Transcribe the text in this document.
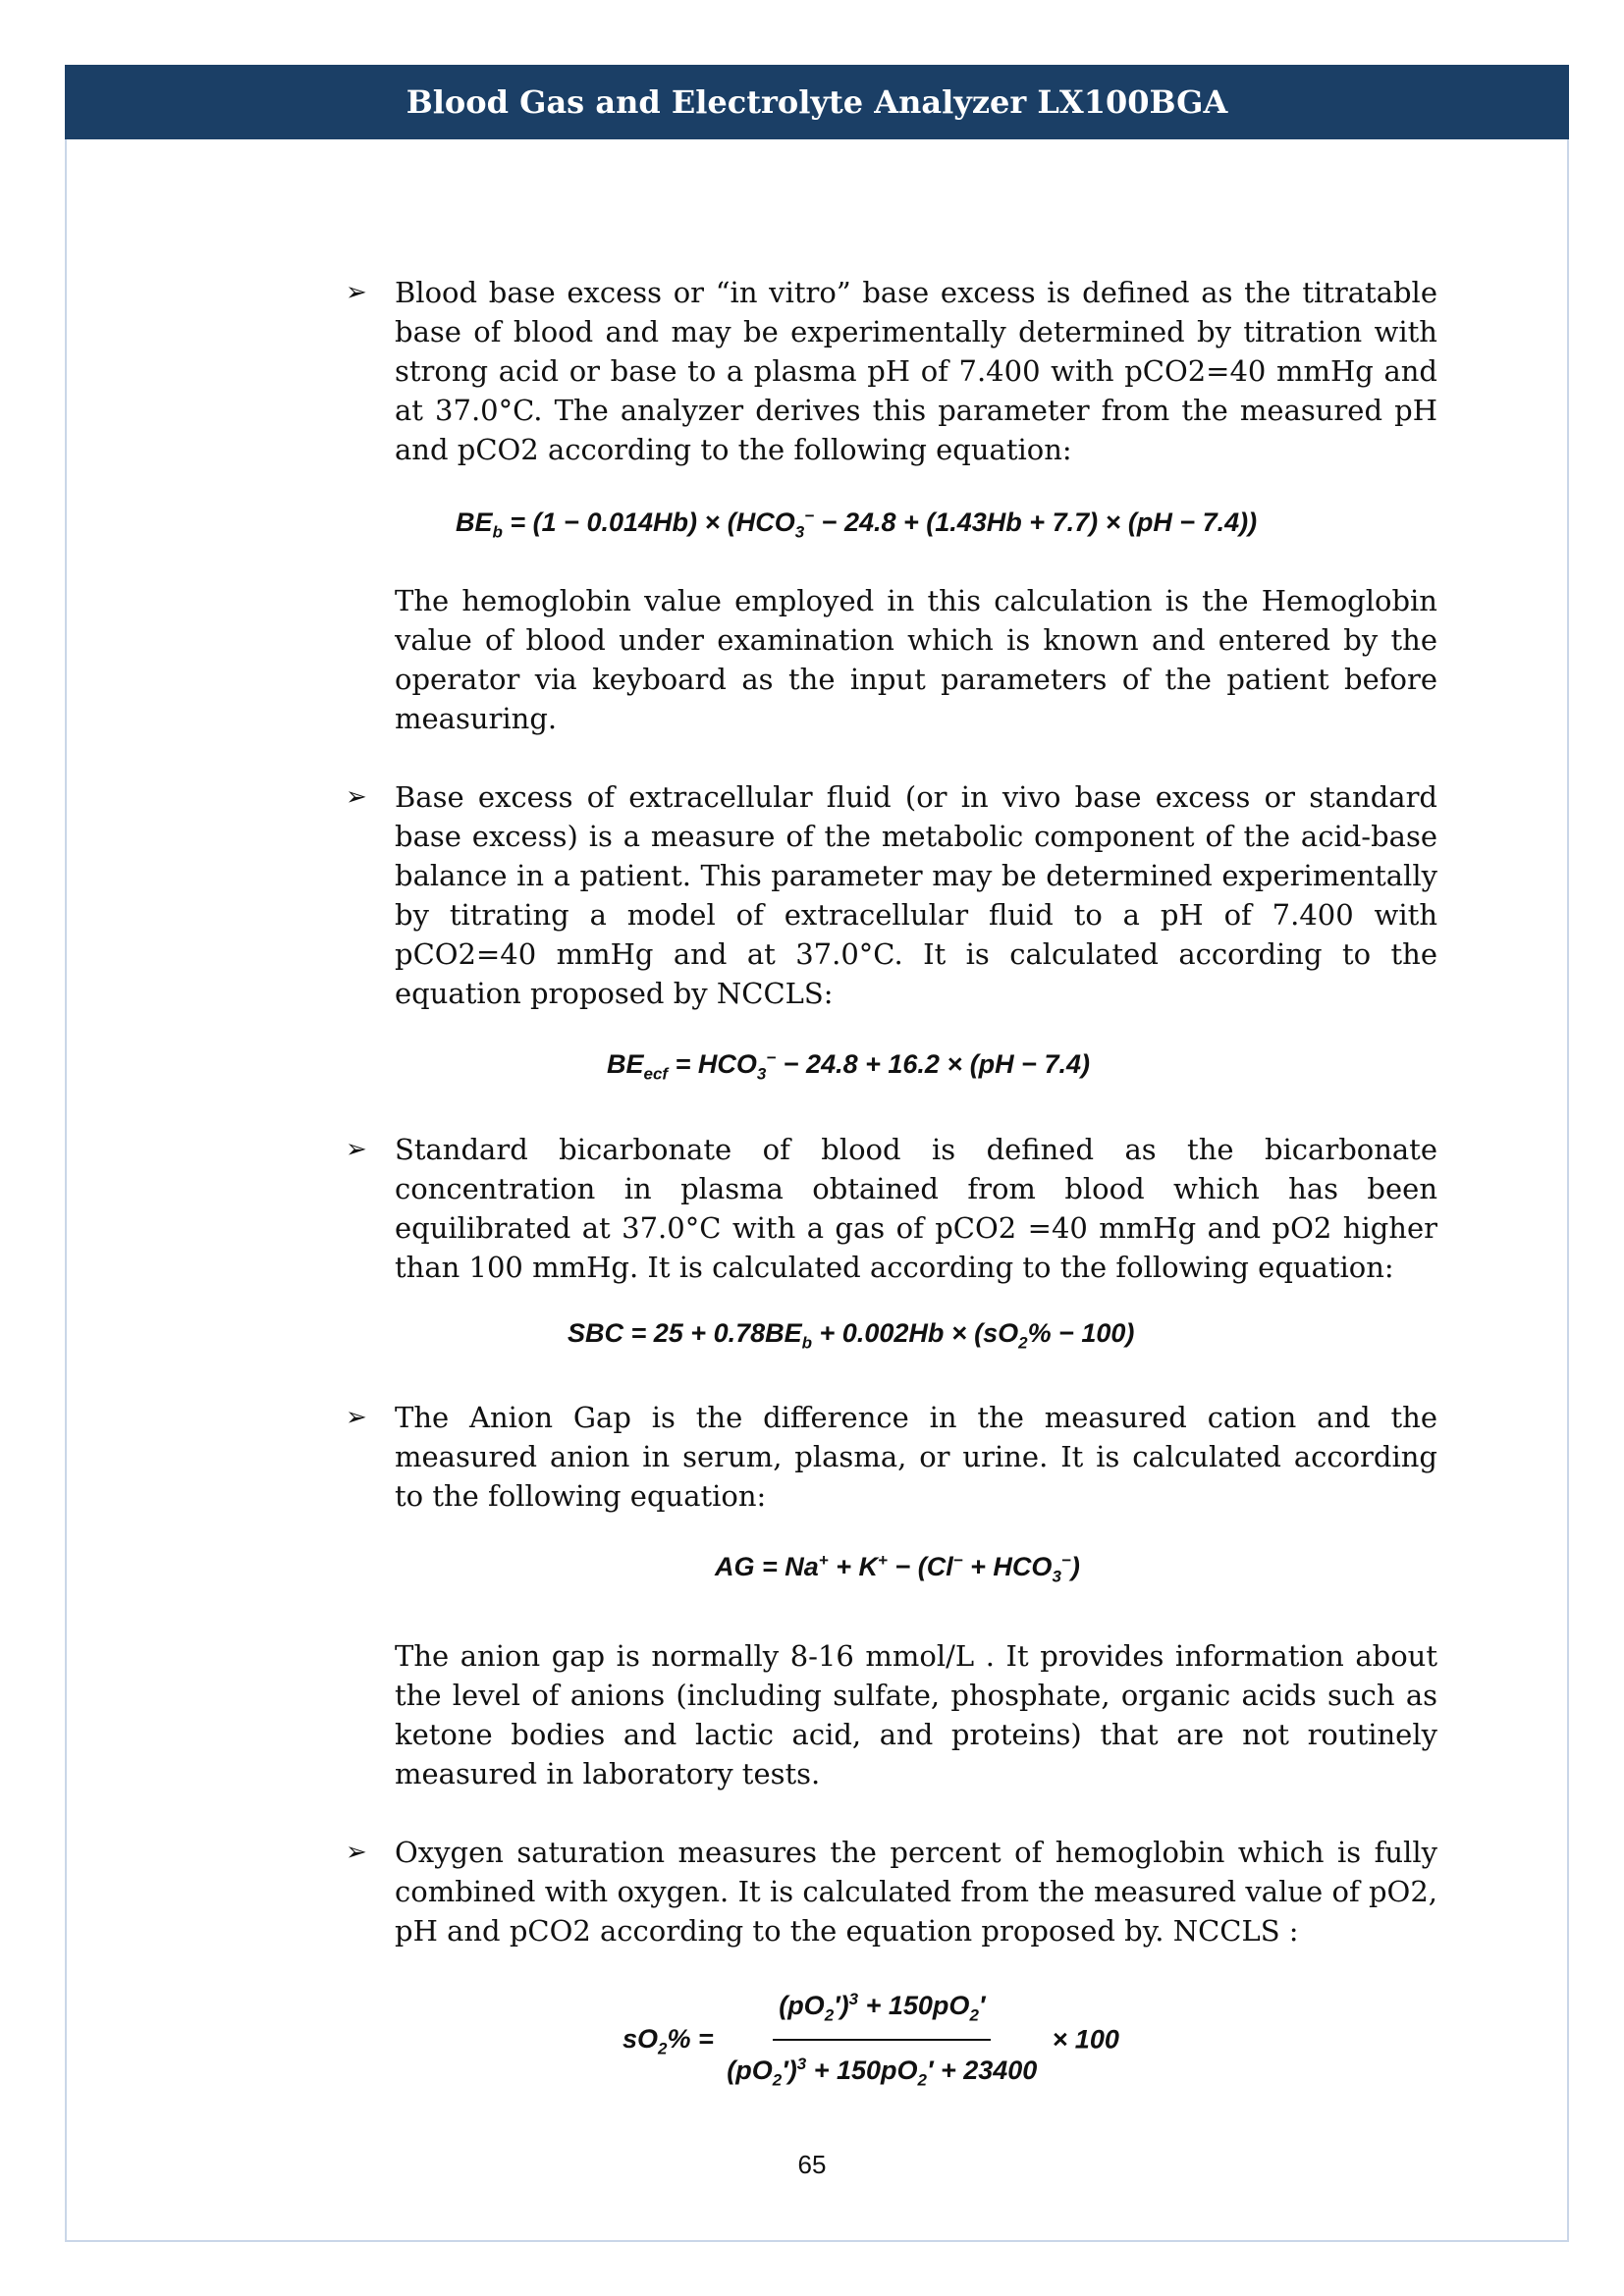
Blood Gas and Electrolyte Analyzer LX100BGA
➢ Blood base excess or “in vitro” base excess is defined as the titratable base of blood and may be experimentally determined by titration with strong acid or base to a plasma pH of 7.400 with pCO2=40 mmHg and at 37.0°C. The analyzer derives this parameter from the measured pH and pCO2 according to the following equation:

$BE_b = (1 - 0.014Hb) \times (HCO_3^- - 24.8 + (1.43Hb + 7.7) \times (pH - 7.4))$

The hemoglobin value employed in this calculation is the Hemoglobin value of blood under examination which is known and entered by the operator via keyboard as the input parameters of the patient before measuring.

➢ Base excess of extracellular fluid (or in vivo base excess or standard base excess) is a measure of the metabolic component of the acid-base balance in a patient. This parameter may be determined experimentally by titrating a model of extracellular fluid to a pH of 7.400 with pCO2=40 mmHg and at 37.0°C. It is calculated according to the equation proposed by NCCLS:

$BE_{ecf} = HCO_3^- - 24.8 + 16.2 \times (pH - 7.4)$
➢ Standard bicarbonate of blood is defined as the bicarbonate concentration in plasma obtained from blood which has been equilibrated at 37.0°C with a gas of pCO2 =40 mmHg and pO2 higher than 100 mmHg. It is calculated according to the following equation:

SBC = $25 + 0.78BE_b + 0.002Hb \times (sO_2\% - 100)$
➢ The Anion Gap is the difference in the measured cation and the measured anion in serum, plasma, or urine. It is calculated according to the following equation:

AG = $Na^+ + K^+ - (Cl^- + HCO_3^-)$

The anion gap is normally 8-16 mmol/L . It provides information about the level of anions (including sulfate, phosphate, organic acids such as ketone bodies and lactic acid, and proteins) that are not routinely measured in laboratory tests.

➢ Oxygen saturation measures the percent of hemoglobin which is fully combined with oxygen. It is calculated from the measured value of pO2, pH and pCO2 according to the equation proposed by. NCCLS :

$sO_2\% = \frac{(pO_2')^3 + 150pO_2'}{(pO_2')^3 + 150pO_2' + 23400} \times 100$
65
